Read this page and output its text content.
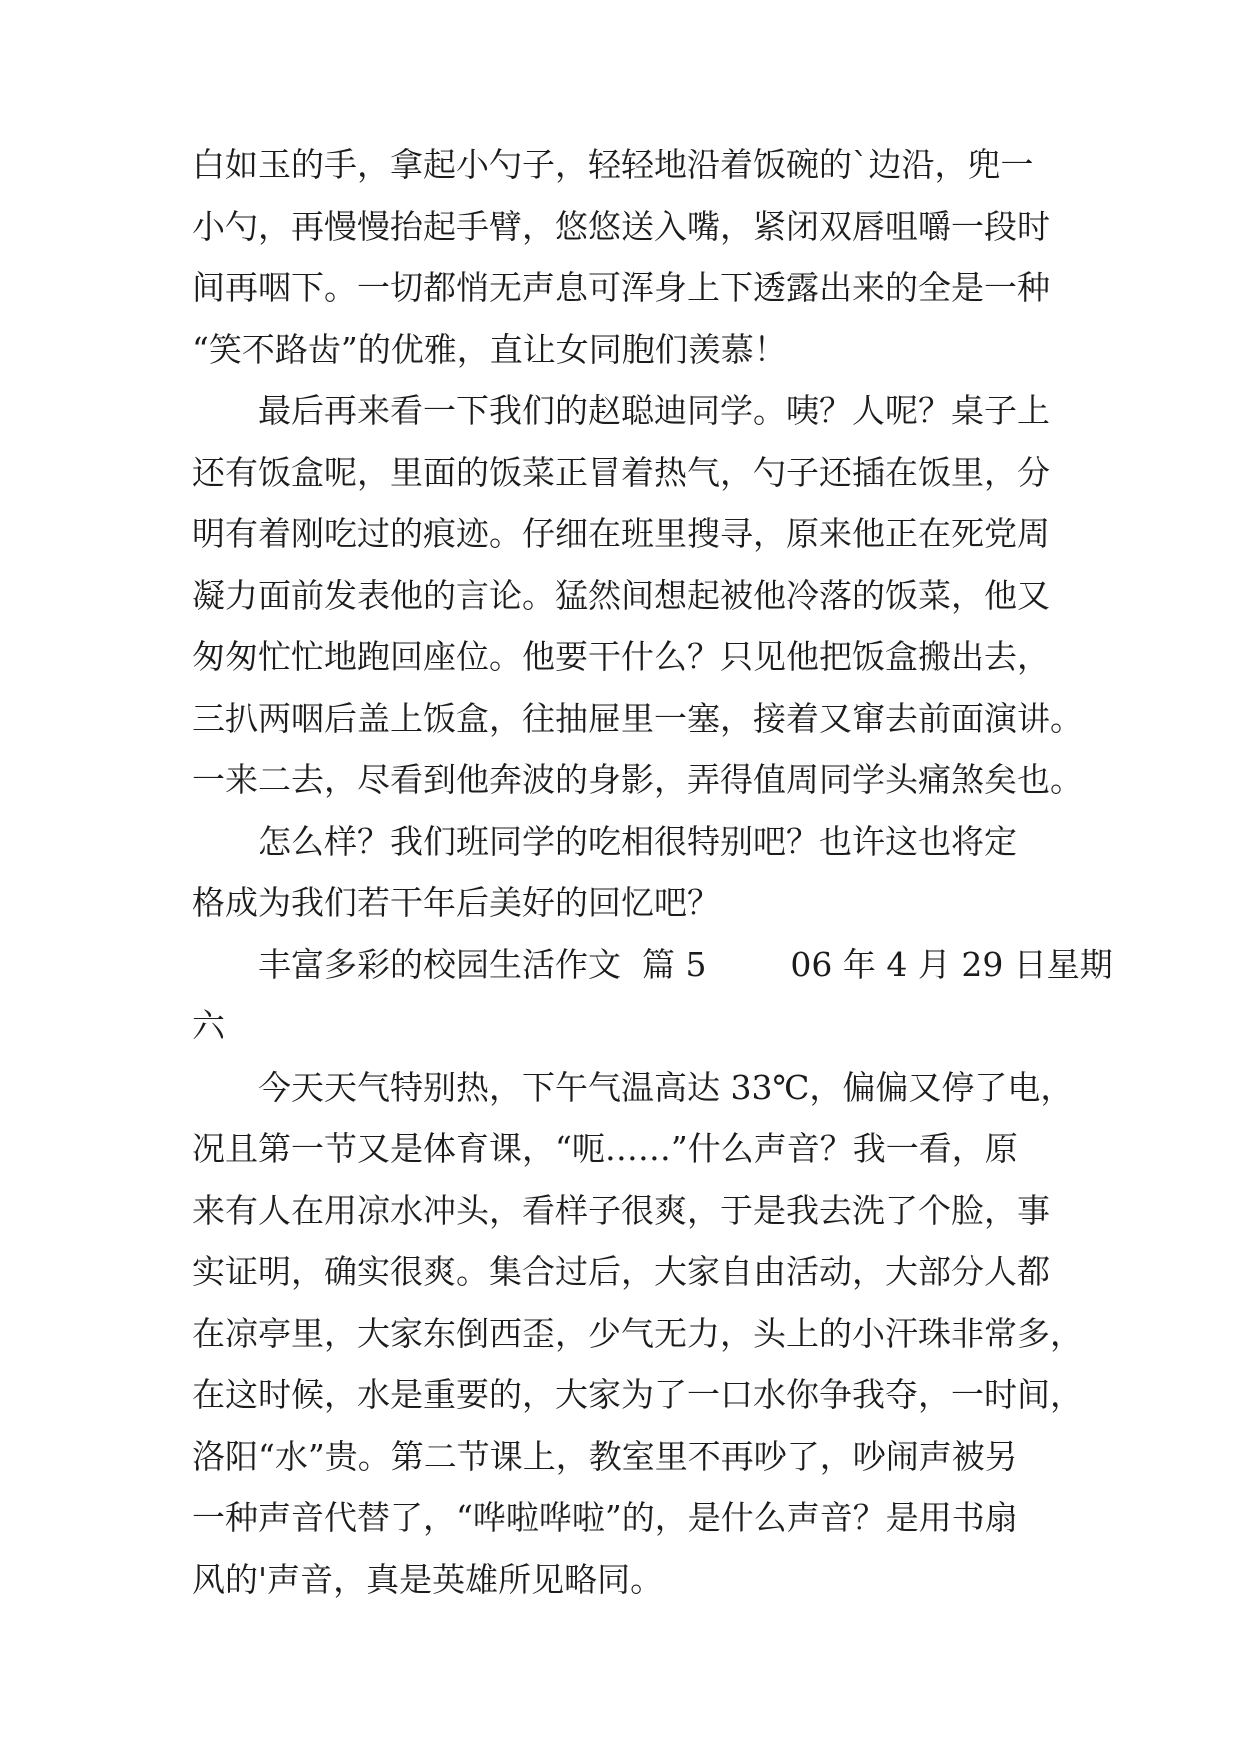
白如玉的手，拿起小勺子，轻轻地沿着饭碗的`边沿，兜一
小勺，再慢慢抬起手臂，悠悠送入嘴，紧闭双唇咀嚼一段时
间再咽下。一切都悄无声息可浑身上下透露出来的全是一种
“笑不路齿”的优雅，直让女同胞们羡慕！
最后再来看一下我们的赵聪迪同学。咦？人呢？桌子上
还有饭盒呢，里面的饭菜正冒着热气，勺子还插在饭里，分
明有着刚吃过的痕迹。仔细在班里搜寻，原来他正在死党周
凝力面前发表他的言论。猛然间想起被他冷落的饭菜，他又
匆匆忙忙地跑回座位。他要干什么？只见他把饭盒搬出去，
三扒两咽后盖上饭盒，往抽屉里一塞，接着又窜去前面演讲。
一来二去，尽看到他奔波的身影，弄得值周同学头痛煞矣也。
怎么样？我们班同学的吃相很特别吧？也许这也将定
格成为我们若干年后美好的回忆吧？
丰富多彩的校园生活作文  篇 5        06 年 4 月 29 日星期
六
今天天气特别热，下午气温高达 33℃，偏偏又停了电，
况且第一节又是体育课，“呃……”什么声音？我一看，原
来有人在用凉水冲头，看样子很爽，于是我去洗了个脸，事
实证明，确实很爽。集合过后，大家自由活动，大部分人都
在凉亭里，大家东倒西歪，少气无力，头上的小汗珠非常多，
在这时候，水是重要的，大家为了一口水你争我夺，一时间，
洛阳“水”贵。第二节课上，教室里不再吵了，吵闹声被另
一种声音代替了，“哗啦哗啦”的，是什么声音？是用书扇
风的'声音，真是英雄所见略同。
